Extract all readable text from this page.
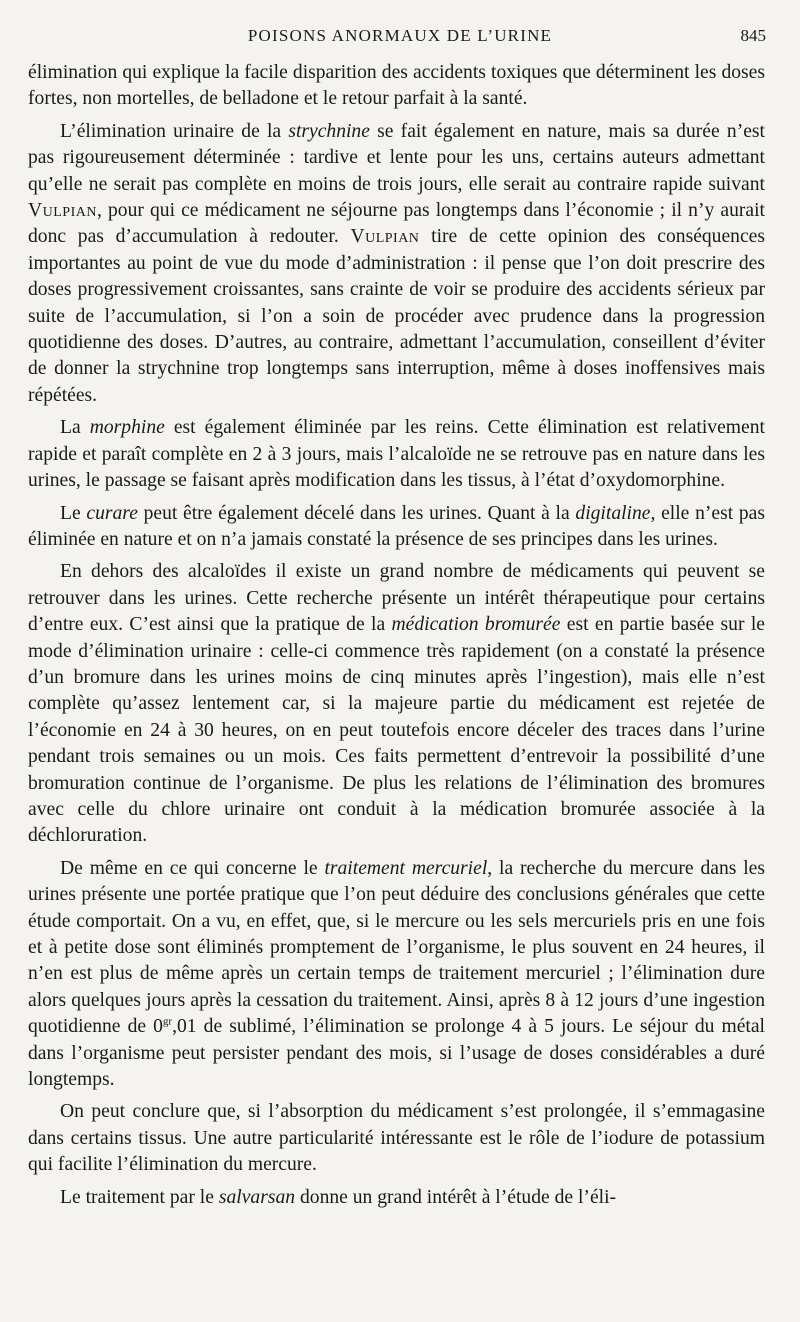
POISONS ANORMAUX DE L’URINE	845

élimination qui explique la facile disparition des accidents toxiques que déterminent les doses fortes, non mortelles, de belladone et le retour parfait à la santé.

L’élimination urinaire de la strychnine se fait également en nature, mais sa durée n’est pas rigoureusement déterminée : tardive et lente pour les uns, certains auteurs admettant qu’elle ne serait pas complète en moins de trois jours, elle serait au contraire rapide suivant Vulpian, pour qui ce médicament ne séjourne pas longtemps dans l’économie ; il n’y aurait donc pas d’accumulation à redouter. Vulpian tire de cette opinion des conséquences importantes au point de vue du mode d’administration : il pense que l’on doit prescrire des doses progressivement croissantes, sans crainte de voir se produire des accidents sérieux par suite de l’accumulation, si l’on a soin de procéder avec prudence dans la progression quotidienne des doses. D’autres, au contraire, admettant l’accumulation, conseillent d’éviter de donner la strychnine trop longtemps sans interruption, même à doses inoffensives mais répétées.

La morphine est également éliminée par les reins. Cette élimination est relativement rapide et paraît complète en 2 à 3 jours, mais l’alcaloïde ne se retrouve pas en nature dans les urines, le passage se faisant après modification dans les tissus, à l’état d’oxydomorphine.

Le curare peut être également décelé dans les urines. Quant à la digitaline, elle n’est pas éliminée en nature et on n’a jamais constaté la présence de ses principes dans les urines.

En dehors des alcaloïdes il existe un grand nombre de médicaments qui peuvent se retrouver dans les urines. Cette recherche présente un intérêt thérapeutique pour certains d’entre eux. C’est ainsi que la pratique de la médication bromurée est en partie basée sur le mode d’élimination urinaire : celle-ci commence très rapidement (on a constaté la présence d’un bromure dans les urines moins de cinq minutes après l’ingestion), mais elle n’est complète qu’assez lentement car, si la majeure partie du médicament est rejetée de l’économie en 24 à 30 heures, on en peut toutefois encore déceler des traces dans l’urine pendant trois semaines ou un mois. Ces faits permettent d’entrevoir la possibilité d’une bromuration continue de l’organisme. De plus les relations de l’élimination des bromures avec celle du chlore urinaire ont conduit à la médication bromurée associée à la déchloruration.

De même en ce qui concerne le traitement mercuriel, la recherche du mercure dans les urines présente une portée pratique que l’on peut déduire des conclusions générales que cette étude comportait. On a vu, en effet, que, si le mercure ou les sels mercuriels pris en une fois et à petite dose sont éliminés promptement de l’organisme, le plus souvent en 24 heures, il n’en est plus de même après un certain temps de traitement mercuriel ; l’élimination dure alors quelques jours après la cessation du traitement. Ainsi, après 8 à 12 jours d’une ingestion quotidienne de $0^{gr},01$ de sublimé, l’élimination se prolonge 4 à 5 jours. Le séjour du métal dans l’organisme peut persister pendant des mois, si l’usage de doses considérables a duré longtemps.

On peut conclure que, si l’absorption du médicament s’est prolongée, il s’emmagasine dans certains tissus. Une autre particularité intéressante est le rôle de l’iodure de potassium qui facilite l’élimination du mercure.

Le traitement par le salvarsan donne un grand intérêt à l’étude de l’éli-
